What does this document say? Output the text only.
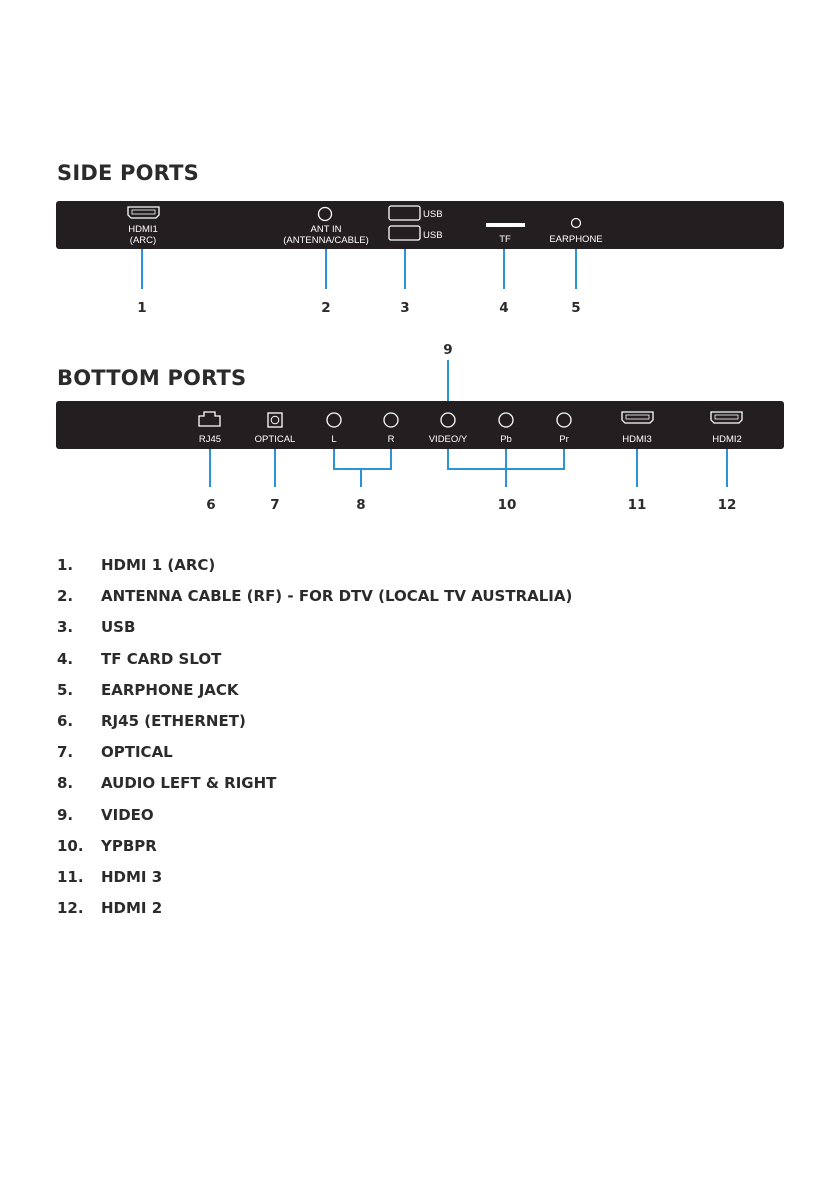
SIDE PORTS
BOTTOM PORTS
HDMI1
(ARC)
ANT IN
(ANTENNA/CABLE)
USB
USB	TF	EARPHONE
1	2	3	4	5
9
RJ45	OPTICAL	L	R	VIDEO/Y	Pb	Pr	HDMI3	HDMI2
6	7	8	10	11	12
1. HDMI 1 (ARC)
2. ANTENNA CABLE (RF) - FOR DTV (LOCAL TV AUSTRALIA)
3. USB
4. TF CARD SLOT
5. EARPHONE JACK
6. RJ45 (ETHERNET)
7. OPTICAL
8. AUDIO LEFT & RIGHT
9. VIDEO
10. YPBPR
11. HDMI 3
12. HDMI 2
